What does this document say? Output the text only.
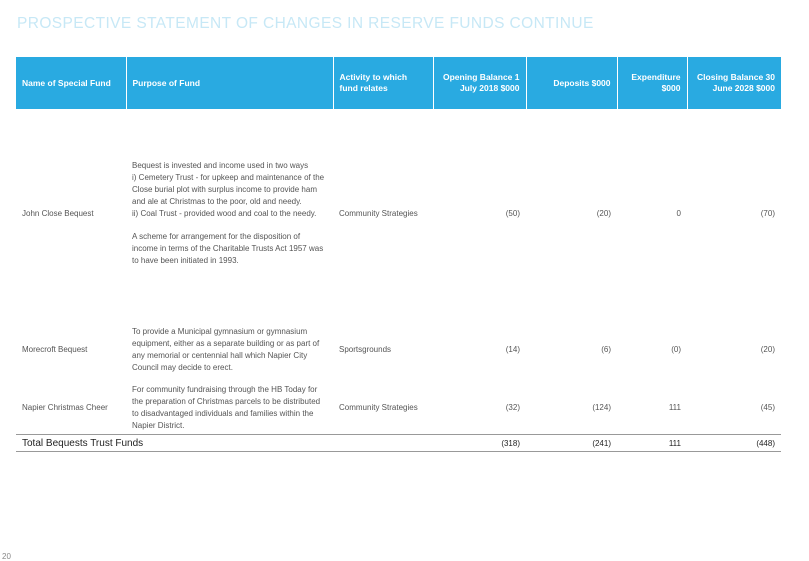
PROSPECTIVE STATEMENT OF CHANGES IN RESERVE FUNDS CONTINUE
Name of Special Fund	Purpose of Fund	Activity to which fund relates	Opening Balance 1 July 2018 $000	Deposits $000	Expenditure $000	Closing Balance 30 June 2028 $000
John Close Bequest	Bequest is invested and income used in two ways
i) Cemetery Trust - for upkeep and maintenance of the Close burial plot with surplus income to provide ham and ale at Christmas to the poor, old and needy.
ii) Coal Trust - provided wood and coal to the needy.
A scheme for arrangement for the disposition of income in terms of the Charitable Trusts Act 1957 was to have been initiated in 1993.	Community Strategies	(50)	(20)	0	(70)
Morecroft Bequest	To provide a Municipal gymnasium or gymnasium equipment, either as a separate building or as part of any memorial or centennial hall which Napier City Council may decide to erect.	Sportsgrounds	(14)	(6)	(0)	(20)
Napier Christmas Cheer	For community fundraising through the HB Today for the preparation of Christmas parcels to be distributed to disadvantaged individuals and families within the Napier District.	Community Strategies	(32)	(124)	111	(45)
Total Bequests Trust Funds			(318)	(241)	111	(448)
20
